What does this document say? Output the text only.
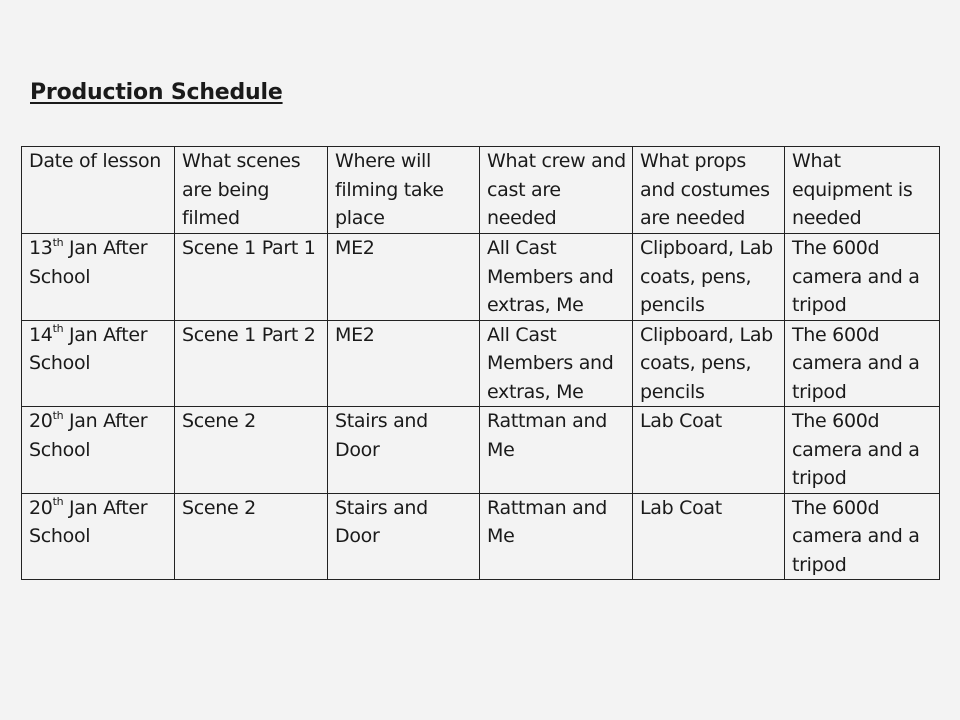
Production Schedule
Date of lesson	What scenes are being filmed	Where will filming take place	What crew and cast are needed	What props and costumes are needed	What equipment is needed

13th Jan After School	Scene 1 Part 1	ME2	All Cast Members and extras, Me	Clipboard, Lab coats, pens, pencils	The 600d camera and a tripod

14th Jan After School	Scene 1 Part 2	ME2	All Cast Members and extras, Me	Clipboard, Lab coats, pens, pencils	The 600d camera and a tripod

20th Jan After School	Scene 2	Stairs and Door	Rattman and Me	Lab Coat	The 600d camera and a tripod

20th Jan After School	Scene 2	Stairs and Door	Rattman and Me	Lab Coat	The 600d camera and a tripod
